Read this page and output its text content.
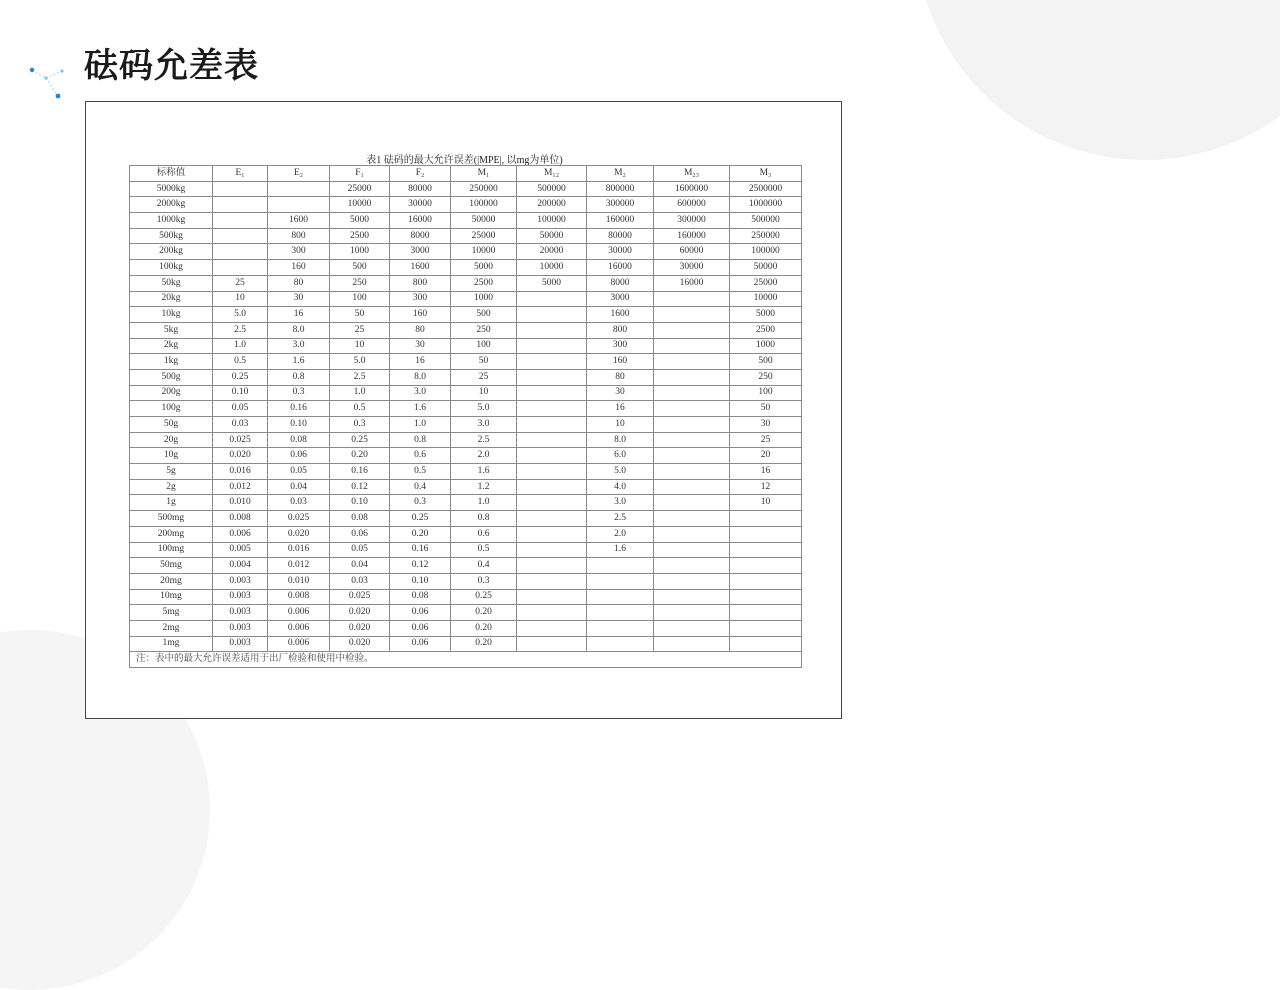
砝码允差表
表1 砝码的最大允许误差(|MPE|, 以mg为单位)
标称值	E₁	E₂	F₁	F₂	M₁	M₁₂	M₂	M₂₃	M₃
5000kg			25000	80000	250000	500000	800000	1600000	2500000
2000kg			10000	30000	100000	200000	300000	600000	1000000
1000kg		1600	5000	16000	50000	100000	160000	300000	500000
500kg		800	2500	8000	25000	50000	80000	160000	250000
200kg		300	1000	3000	10000	20000	30000	60000	100000
100kg		160	500	1600	5000	10000	16000	30000	50000
50kg	25	80	250	800	2500	5000	8000	16000	25000
20kg	10	30	100	300	1000		3000		10000
10kg	5.0	16	50	160	500		1600		5000
5kg	2.5	8.0	25	80	250		800		2500
2kg	1.0	3.0	10	30	100		300		1000
1kg	0.5	1.6	5.0	16	50		160		500
500g	0.25	0.8	2.5	8.0	25		80		250
200g	0.10	0.3	1.0	3.0	10		30		100
100g	0.05	0.16	0.5	1.6	5.0		16		50
50g	0.03	0.10	0.3	1.0	3.0		10		30
20g	0.025	0.08	0.25	0.8	2.5		8.0		25
10g	0.020	0.06	0.20	0.6	2.0		6.0		20
5g	0.016	0.05	0.16	0.5	1.6		5.0		16
2g	0.012	0.04	0.12	0.4	1.2		4.0		12
1g	0.010	0.03	0.10	0.3	1.0		3.0		10
500mg	0.008	0.025	0.08	0.25	0.8		2.5		
200mg	0.006	0.020	0.06	0.20	0.6		2.0		
100mg	0.005	0.016	0.05	0.16	0.5		1.6		
50mg	0.004	0.012	0.04	0.12	0.4				
20mg	0.003	0.010	0.03	0.10	0.3				
10mg	0.003	0.008	0.025	0.08	0.25				
5mg	0.003	0.006	0.020	0.06	0.20				
2mg	0.003	0.006	0.020	0.06	0.20				
1mg	0.003	0.006	0.020	0.06	0.20				
注：表中的最大允许误差适用于出厂检验和使用中检验。									
